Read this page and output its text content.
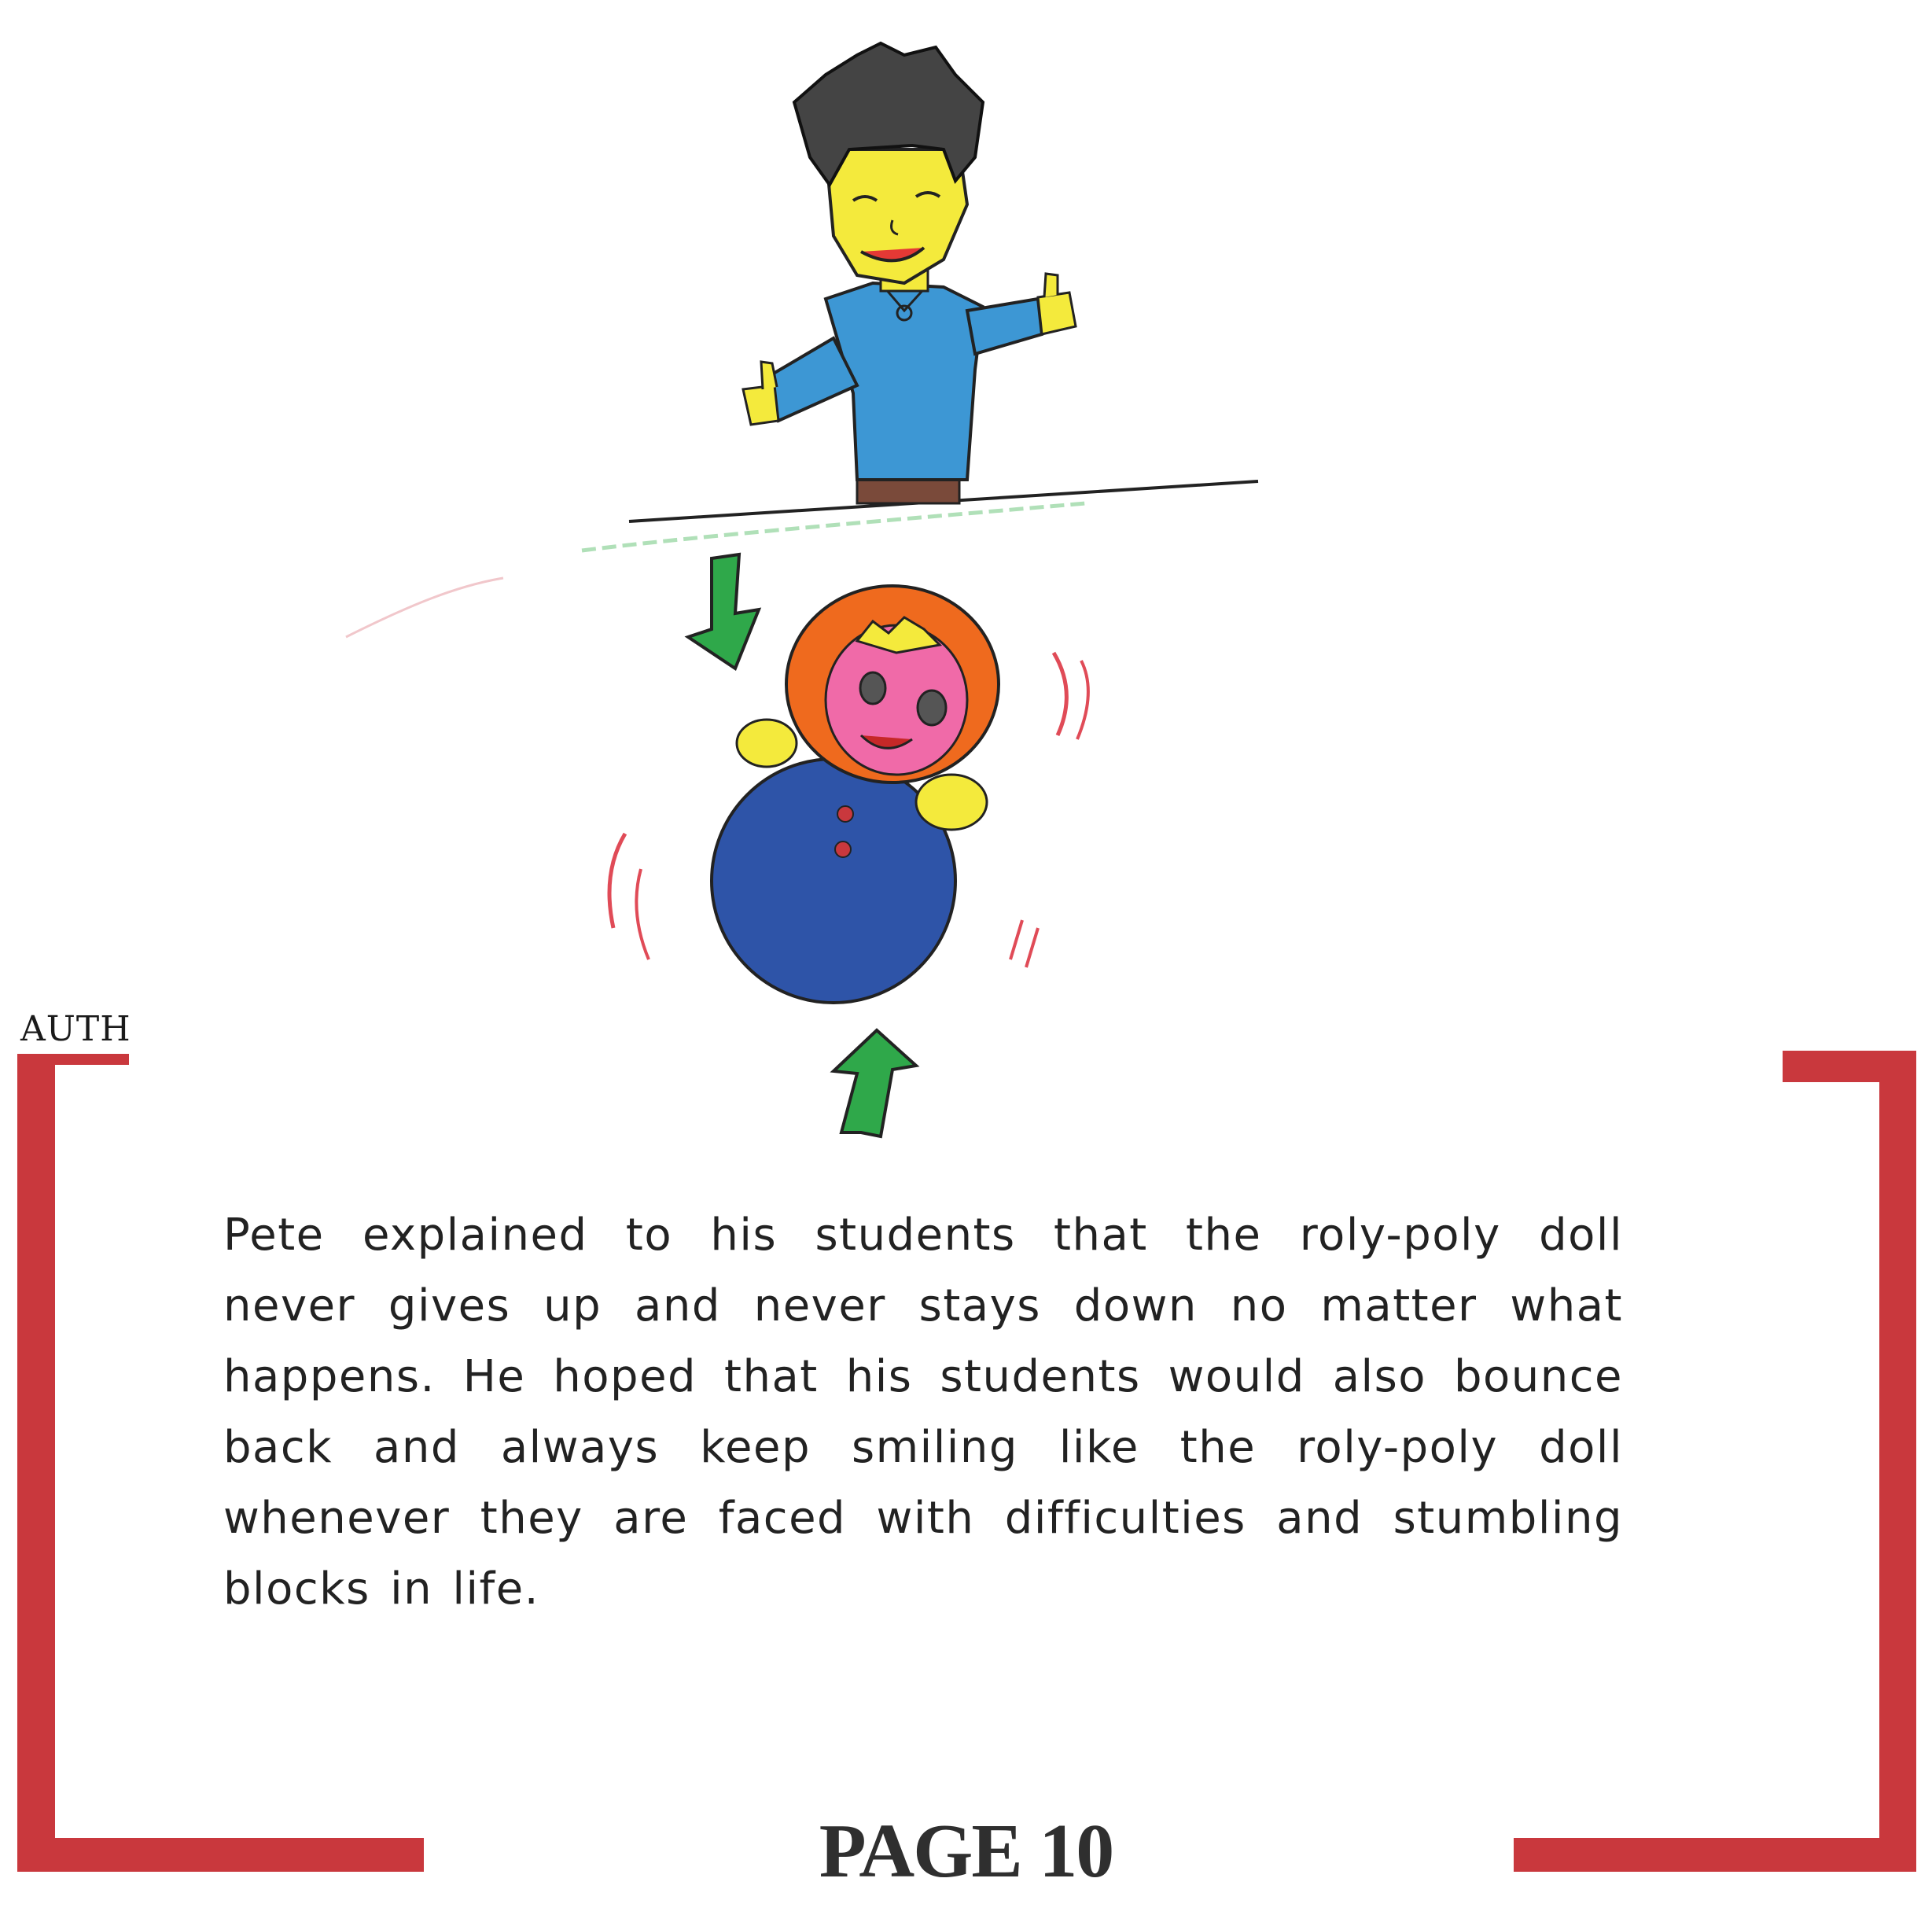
AUTH
Pete explained to his students that the roly-poly doll never gives up and never stays down no matter what happens. He hoped that his students would also bounce back and always keep smiling like the roly-poly doll whenever they are faced with difficulties and stumbling blocks in life.
PAGE 10
